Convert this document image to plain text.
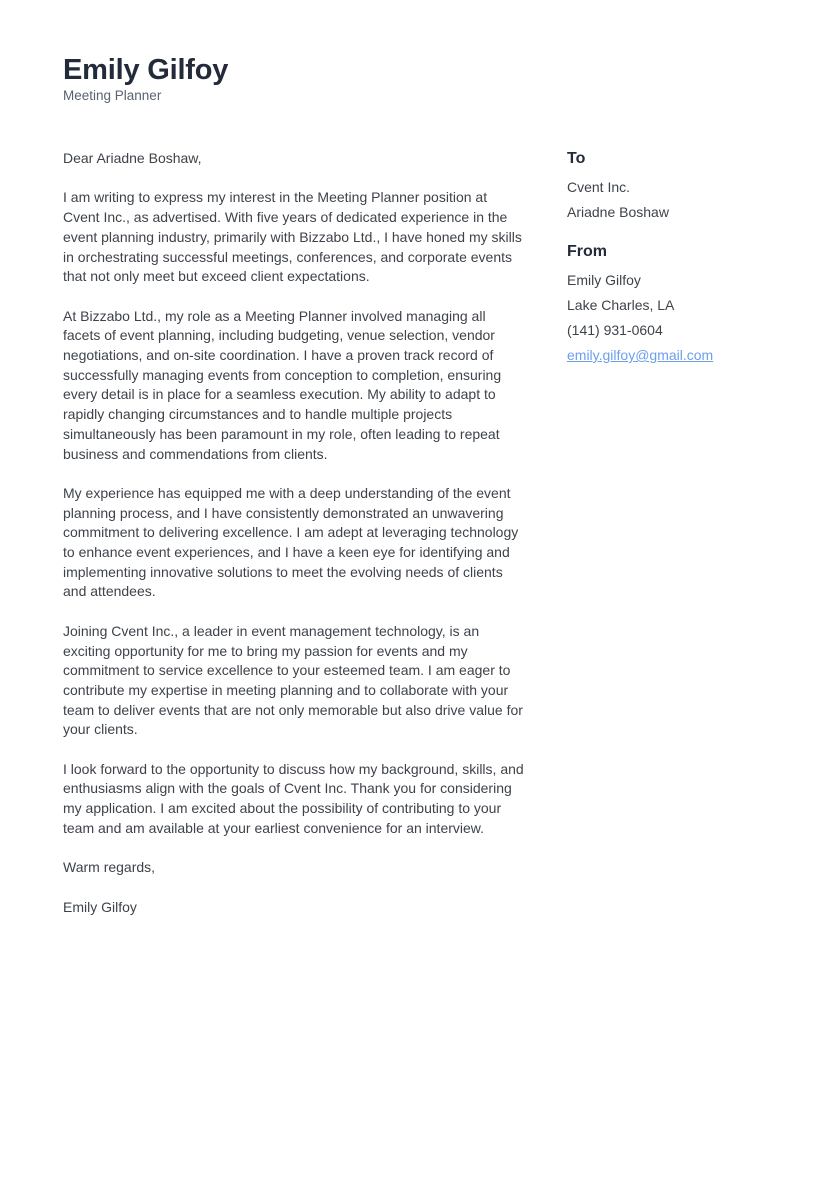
Emily Gilfoy
Meeting Planner

Dear Ariadne Boshaw,

I am writing to express my interest in the Meeting Planner position at Cvent Inc., as advertised. With five years of dedicated experience in the event planning industry, primarily with Bizzabo Ltd., I have honed my skills in orchestrating successful meetings, conferences, and corporate events that not only meet but exceed client expectations.

At Bizzabo Ltd., my role as a Meeting Planner involved managing all facets of event planning, including budgeting, venue selection, vendor negotiations, and on-site coordination. I have a proven track record of successfully managing events from conception to completion, ensuring every detail is in place for a seamless execution. My ability to adapt to rapidly changing circumstances and to handle multiple projects simultaneously has been paramount in my role, often leading to repeat business and commendations from clients.

My experience has equipped me with a deep understanding of the event planning process, and I have consistently demonstrated an unwavering commitment to delivering excellence. I am adept at leveraging technology to enhance event experiences, and I have a keen eye for identifying and implementing innovative solutions to meet the evolving needs of clients and attendees.

Joining Cvent Inc., a leader in event management technology, is an exciting opportunity for me to bring my passion for events and my commitment to service excellence to your esteemed team. I am eager to contribute my expertise in meeting planning and to collaborate with your team to deliver events that are not only memorable but also drive value for your clients.

I look forward to the opportunity to discuss how my background, skills, and enthusiasms align with the goals of Cvent Inc. Thank you for considering my application. I am excited about the possibility of contributing to your team and am available at your earliest convenience for an interview.

Warm regards,

Emily Gilfoy

To

Cvent Inc.

Ariadne Boshaw

From

Emily Gilfoy

Lake Charles, LA

(141) 931-0604

emily.gilfoy@gmail.com
